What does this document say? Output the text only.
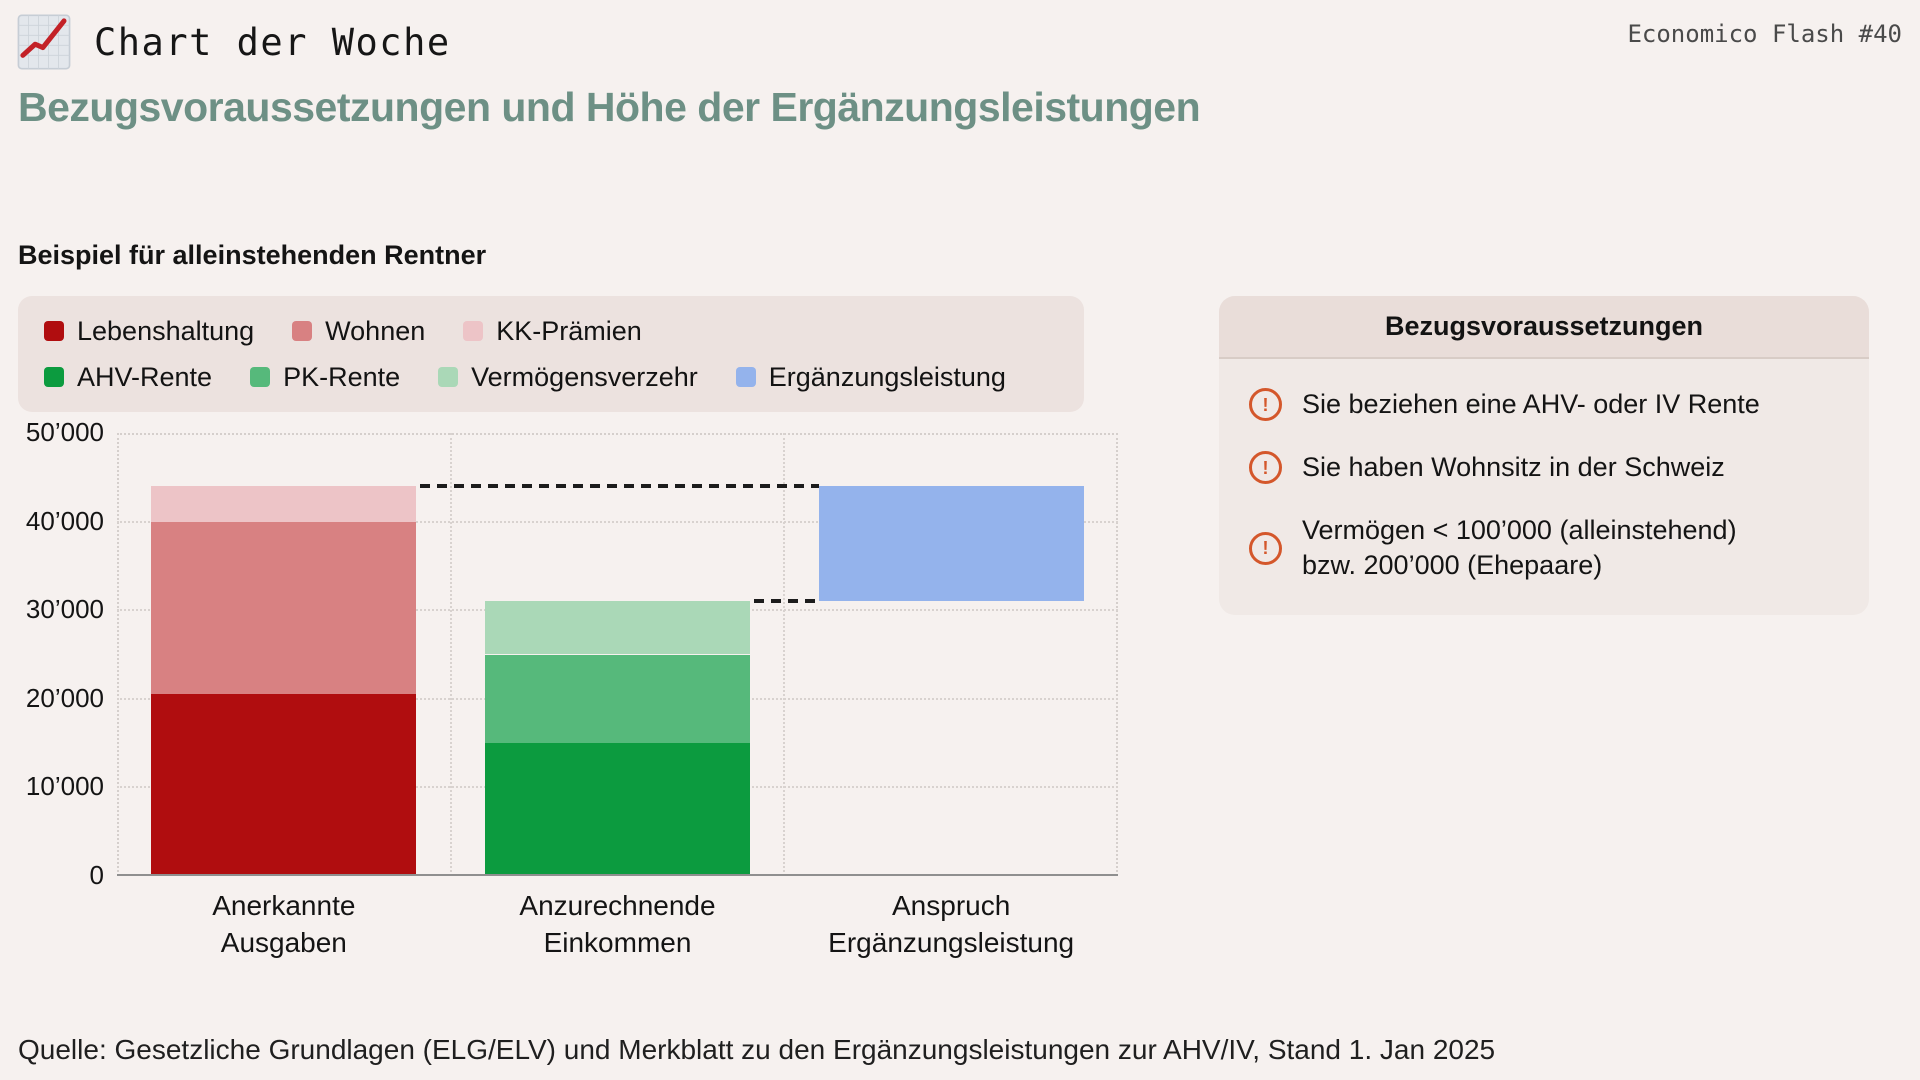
Chart der Woche	Economico Flash #40
Bezugsvoraussetzungen und Höhe der Ergänzungsleistungen
Beispiel für alleinstehenden Rentner
Lebenshaltung	Wohnen	KK-Prämien
AHV-Rente	PK-Rente	Vermögensverzehr	Ergänzungsleistung
0
10’000
20’000
30’000
40’000
50’000
Anerkannte
Ausgaben
Anzurechnende
Einkommen
Anspruch
Ergänzungsleistung
Bezugsvoraussetzungen
!	Sie beziehen eine AHV- oder IV Rente
!	Sie haben Wohnsitz in der Schweiz
!
Vermögen < 100’000 (alleinstehend)
bzw. 200’000 (Ehepaare)
Quelle: Gesetzliche Grundlagen (ELG/ELV) und Merkblatt zu den Ergänzungsleistungen zur AHV/IV, Stand 1. Jan 2025
